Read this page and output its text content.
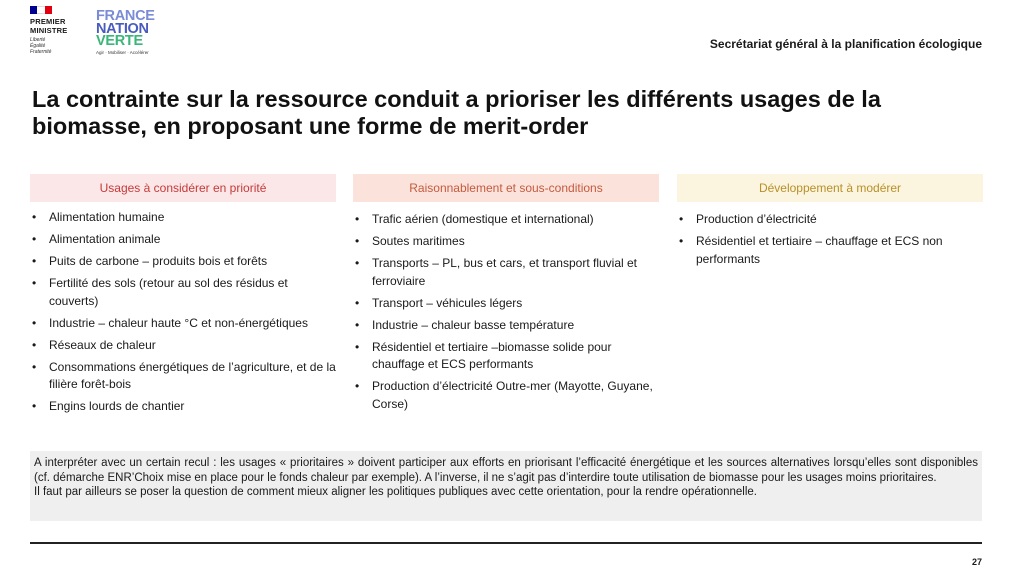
PREMIER
MINISTRE
Liberté
Égalité
Fraternité
FRANCE
NATION
VERTE
Agir · Mobiliser · Accélérer
Secrétariat général à la planification écologique
La contrainte sur la ressource conduit a prioriser les différents usages de la biomasse, en proposant une forme de merit-order
Usages à considérer en priorité
• Alimentation humaine
• Alimentation animale
• Puits de carbone – produits bois et forêts
• Fertilité des sols (retour au sol des résidus et couverts)
• Industrie – chaleur haute °C et non-énergétiques
• Réseaux de chaleur
• Consommations énergétiques de l’agriculture, et de la filière forêt-bois
• Engins lourds de chantier
Raisonnablement et sous-conditions
• Trafic aérien (domestique et international)
• Soutes maritimes
• Transports – PL, bus et cars, et transport fluvial et ferroviaire
• Transport – véhicules légers
• Industrie – chaleur basse température
• Résidentiel et tertiaire –biomasse solide pour chauffage et ECS performants
• Production d’électricité Outre-mer (Mayotte, Guyane, Corse)
Développement à modérer
• Production d’électricité
• Résidentiel et tertiaire – chauffage et ECS non performants

A interpréter avec un certain recul : les usages « prioritaires » doivent participer aux efforts en priorisant l’efficacité énergétique et les sources alternatives lorsqu’elles sont disponibles (cf. démarche ENR’Choix mise en place pour le fonds chaleur par exemple). A l’inverse, il ne s’agit pas d’interdire toute utilisation de biomasse pour les usages moins prioritaires.

Il faut par ailleurs se poser la question de comment mieux aligner les politiques publiques avec cette orientation, pour la rendre opérationnelle.

27
